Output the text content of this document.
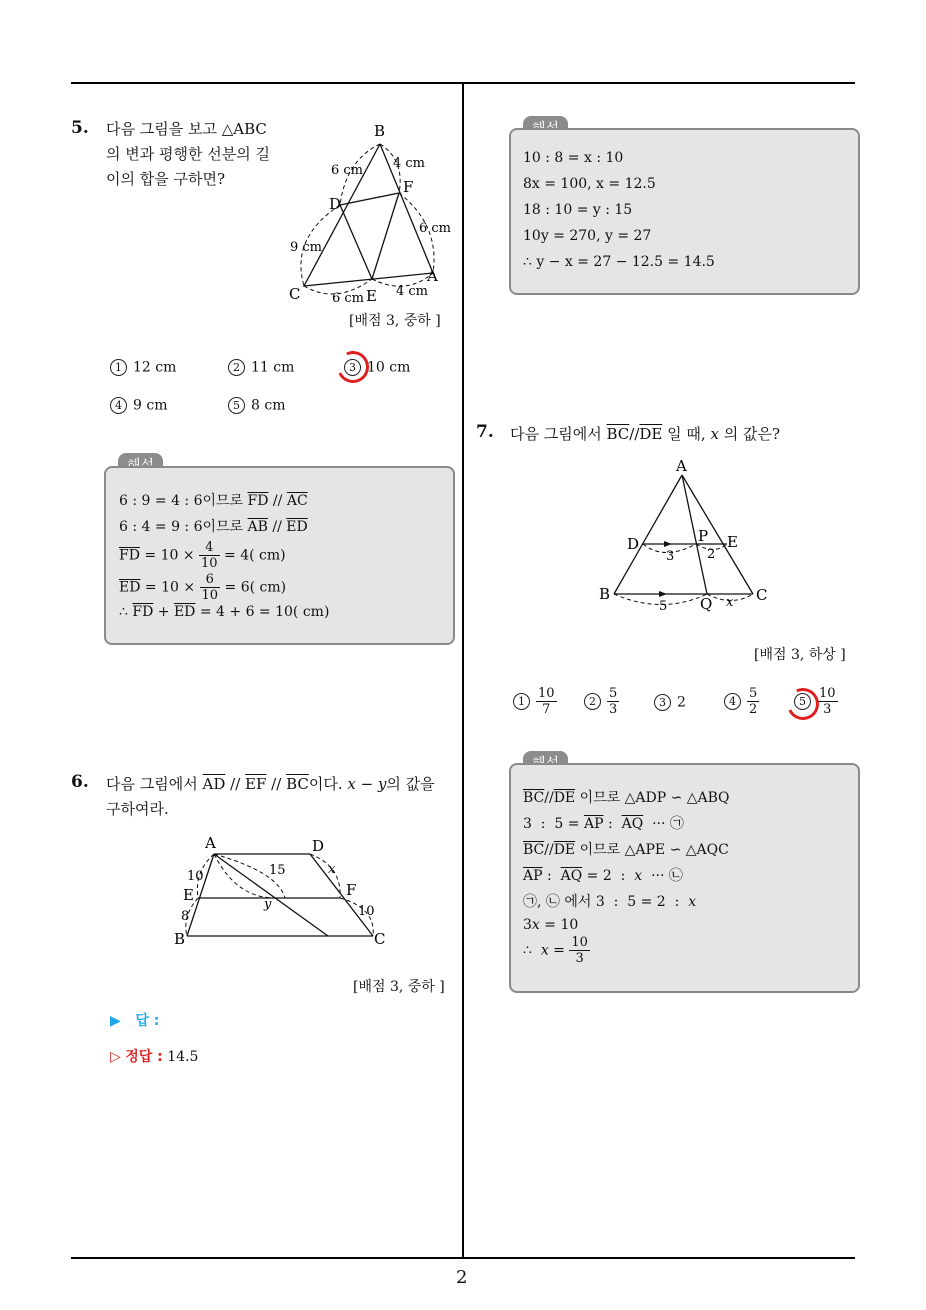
2
5. 다음 그림을 보고 △ABC
의 변과 평행한 선분의 길
이의 합을 구하면?
B
F
D
A
C	E
6 cm 4 cm
6 cm
9 cm
6 cm 4 cm
[배점 3, 중하 ]
1 12 cm	2 11 cm	3 10 cm
4 9 cm	5 8 cm
6 : 9 = 4 : 6이므로 $\overline{FD} // \overline{AC}$
6 : 4 = 9 : 6이므로 $\overline{AB} // \overline{ED}$
$\overline{FD} = 10 \times \frac{4}{10} = 4$( cm)
$\overline{ED} = 10 \times \frac{6}{10} = 6$( cm)
∴ $\overline{FD} + \overline{ED} = 4 + 6 = 10$( cm)
6. 다음 그림에서 $\overline{AD} // \overline{EF} // \overline{BC}$이다. x − y의 값을
구하여라.
A	D
E	F
B	C
10
8	10
15	x
y
[배점 3, 중하 ]
▶ 답 :
▷ 정답 : 14.5
10 : 8 = x : 10
8x = 100, x = 12.5
18 : 10 = y : 15
10y = 270, y = 27
∴ y − x = 27 − 12.5 = 14.5
7. 다음 그림에서 $\overline{BC}//\overline{DE}$ 일 때, x 의 값은?
A
D	P E
B
Q	C
3	2
5	x
[배점 3, 하상 ]
$1 \frac{10}{7}$	$2 \frac{5}{3}$	3 2	$4 \frac{5}{2}$	$5 \frac{10}{3}$
$\overline{BC}//\overline{DE}$ 이므로 △ADP ∽ △ABQ
3  :  $5 = \overline{AP}$ :  $\overline{AQ}$  ··· ㉠
$\overline{BC}//\overline{DE}$ 이므로 △APE ∽ △AQC
$\overline{AP}$ :  $\overline{AQ} = 2$  :  x  ··· ㉡
㉠, ㉡ 에서 3  :  5 = 2  :  x
3x = 10
∴  $x = \frac{10}{3}$
